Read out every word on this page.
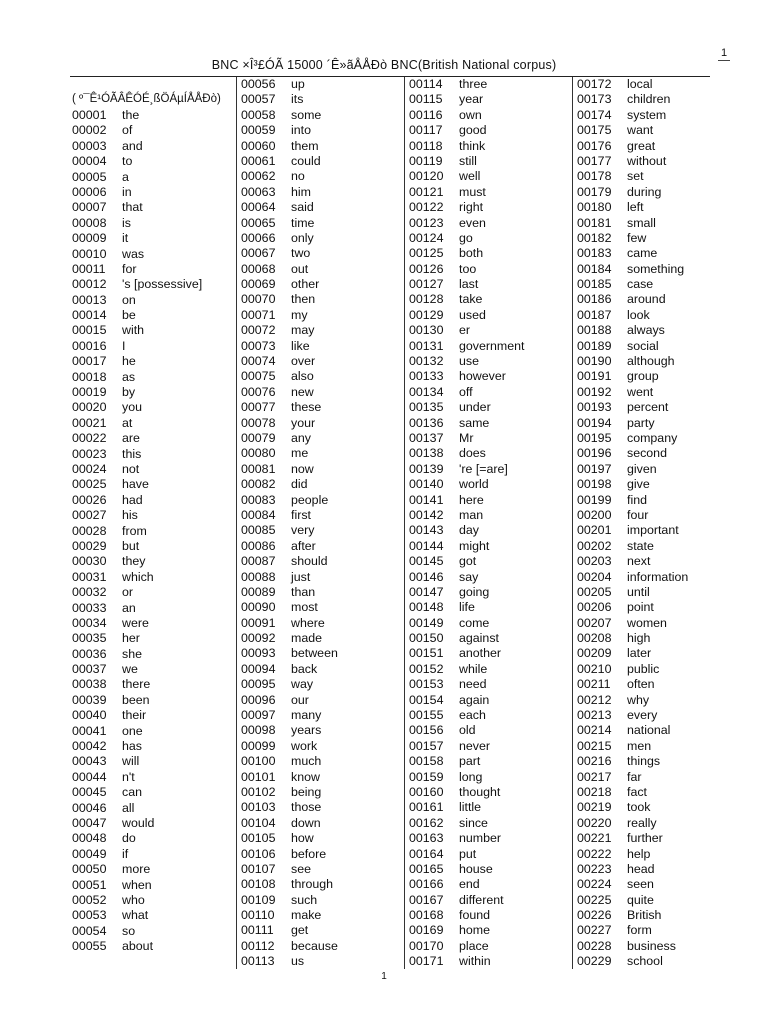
1
BNC ×Î³£ÓÃ 15000 ´Ê»ãÅÅÐò BNC(British National corpus)
( º¯Ê¹ÓÃÂÊÓÉ¸ßÖÁµÍÅÅÐò)
00001 the
00002 of
00003 and
00004 to
00005 a
00006 in
00007 that
00008 is
00009 it
00010 was
00011 for
00012 's [possessive]
00013 on
00014 be
00015 with
00016 I
00017 he
00018 as
00019 by
00020 you
00021 at
00022 are
00023 this
00024 not
00025 have
00026 had
00027 his
00028 from
00029 but
00030 they
00031 which
00032 or
00033 an
00034 were
00035 her
00036 she
00037 we
00038 there
00039 been
00040 their
00041 one
00042 has
00043 will
00044 n't
00045 can
00046 all
00047 would
00048 do
00049 if
00050 more
00051 when
00052 who
00053 what
00054 so
00055 about
00056 up
00057 its
00058 some
00059 into
00060 them
00061 could
00062 no
00063 him
00064 said
00065 time
00066 only
00067 two
00068 out
00069 other
00070 then
00071 my
00072 may
00073 like
00074 over
00075 also
00076 new
00077 these
00078 your
00079 any
00080 me
00081 now
00082 did
00083 people
00084 first
00085 very
00086 after
00087 should
00088 just
00089 than
00090 most
00091 where
00092 made
00093 between
00094 back
00095 way
00096 our
00097 many
00098 years
00099 work
00100 much
00101 know
00102 being
00103 those
00104 down
00105 how
00106 before
00107 see
00108 through
00109 such
00110 make
00111 get
00112 because
00113 us
00114 three
00115 year
00116 own
00117 good
00118 think
00119 still
00120 well
00121 must
00122 right
00123 even
00124 go
00125 both
00126 too
00127 last
00128 take
00129 used
00130 er
00131 government
00132 use
00133 however
00134 off
00135 under
00136 same
00137 Mr
00138 does
00139 're [=are]
00140 world
00141 here
00142 man
00143 day
00144 might
00145 got
00146 say
00147 going
00148 life
00149 come
00150 against
00151 another
00152 while
00153 need
00154 again
00155 each
00156 old
00157 never
00158 part
00159 long
00160 thought
00161 little
00162 since
00163 number
00164 put
00165 house
00166 end
00167 different
00168 found
00169 home
00170 place
00171 within
00172 local
00173 children
00174 system
00175 want
00176 great
00177 without
00178 set
00179 during
00180 left
00181 small
00182 few
00183 came
00184 something
00185 case
00186 around
00187 look
00188 always
00189 social
00190 although
00191 group
00192 went
00193 percent
00194 party
00195 company
00196 second
00197 given
00198 give
00199 find
00200 four
00201 important
00202 state
00203 next
00204 information
00205 until
00206 point
00207 women
00208 high
00209 later
00210 public
00211 often
00212 why
00213 every
00214 national
00215 men
00216 things
00217 far
00218 fact
00219 took
00220 really
00221 further
00222 help
00223 head
00224 seen
00225 quite
00226 British
00227 form
00228 business
00229 school
1
